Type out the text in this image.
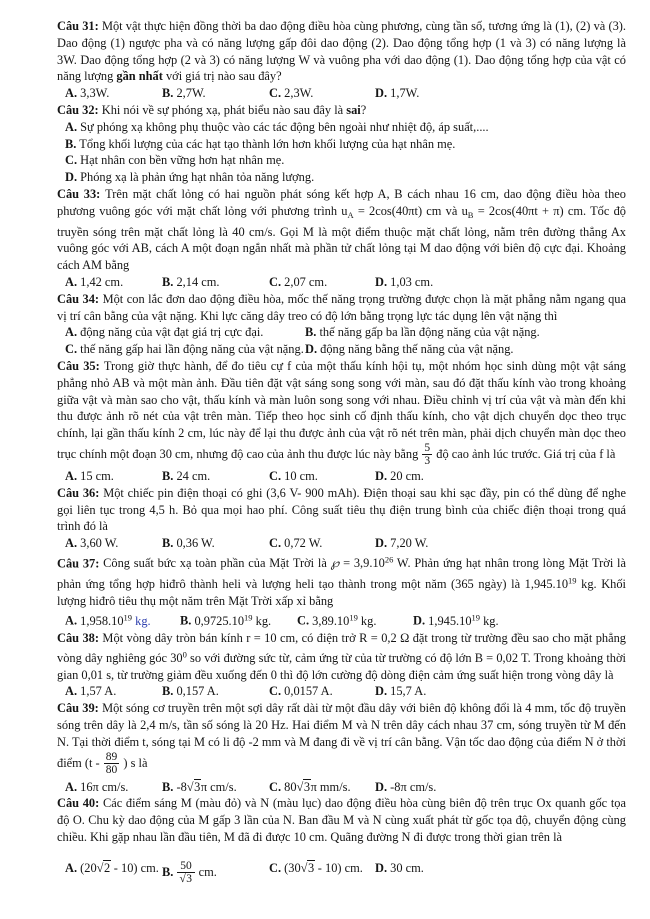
Câu 31: Một vật thực hiện đồng thời ba dao động điều hòa cùng phương, cùng tần số, tương ứng là (1), (2) và (3). Dao động (1) ngược pha và có năng lượng gấp đôi dao động (2). Dao động tổng hợp (1 và 3) có năng lượng là 3W. Dao động tổng hợp (2 và 3) có năng lượng W và vuông pha với dao động (1). Dao động tổng hợp của vật có năng lượng gần nhất với giá trị nào sau đây?

A. 3,3W.	B. 2,7W.	C. 2,3W.	D. 1,7W.

Câu 32: Khi nói về sự phóng xạ, phát biểu nào sau đây là sai?

A. Sự phóng xạ không phụ thuộc vào các tác động bên ngoài như nhiệt độ, áp suất,....
B. Tổng khối lượng của các hạt tạo thành lớn hơn khối lượng của hạt nhân mẹ.
C. Hạt nhân con bền vững hơn hạt nhân mẹ.
D. Phóng xạ là phản ứng hạt nhân tỏa năng lượng.

Câu 33: Trên mặt chất lỏng có hai nguồn phát sóng kết hợp A, B cách nhau 16 cm, dao động điều hòa theo phương vuông góc với mặt chất lỏng với phương trình $u_A = 2\cos(40\pi t)$ cm và $u_B = 2\cos(40\pi t + \pi)$ cm. Tốc độ truyền sóng trên mặt chất lỏng là 40 cm/s. Gọi M là một điểm thuộc mặt chất lỏng, nằm trên đường thẳng Ax vuông góc với AB, cách A một đoạn ngắn nhất mà phần tử chất lỏng tại M dao động với biên độ cực đại. Khoảng cách AM bằng

A. 1,42 cm.	B. 2,14 cm.	C. 2,07 cm.	D. 1,03 cm.

Câu 34: Một con lắc đơn dao động điều hòa, mốc thế năng trọng trường được chọn là mặt phẳng nằm ngang qua vị trí cân bằng của vật nặng. Khi lực căng dây treo có độ lớn bằng trọng lực tác dụng lên vật nặng thì

A. động năng của vật đạt giá trị cực đại.	B. thế năng gấp ba lần động năng của vật nặng.
C. thế năng gấp hai lần động năng của vật nặng. D. động năng bằng thế năng của vật nặng.

Câu 35: Trong giờ thực hành, để đo tiêu cự f của một thấu kính hội tụ, một nhóm học sinh dùng một vật sáng phẳng nhỏ AB và một màn ảnh. Đầu tiên đặt vật sáng song song với màn, sau đó đặt thấu kính vào trong khoảng giữa vật và màn sao cho vật, thấu kính và màn luôn song song với nhau. Điều chỉnh vị trí của vật và màn đến khi thu được ảnh rõ nét của vật trên màn. Tiếp theo học sinh cố định thấu kính, cho vật dịch chuyển dọc theo trục chính, lại gần thấu kính 2 cm, lúc này để lại thu được ảnh của vật rõ nét trên màn, phải dịch chuyển màn dọc theo trục chính một đoạn 30 cm, nhưng độ cao của ảnh thu được lúc này bằng $\frac{5}{3}$ độ cao ảnh lúc trước. Giá trị của f là

A. 15 cm.	B. 24 cm.	C. 10 cm.	D. 20 cm.

Câu 36: Một chiếc pin điện thoại có ghi (3,6 V- 900 mAh). Điện thoại sau khi sạc đầy, pin có thể dùng để nghe gọi liên tục trong 4,5 h. Bỏ qua mọi hao phí. Công suất tiêu thụ điện trung bình của chiếc điện thoại trong quá trình đó là

A. 3,60 W.	B. 0,36 W.	C. 0,72 W.	D. 7,20 W.

Câu 37: Công suất bức xạ toàn phần của Mặt Trời là ℘ = $3,9.10^{26}$ W. Phản ứng hạt nhân trong lòng Mặt Trời là phản ứng tổng hợp hiđrô thành heli và lượng heli tạo thành trong một năm (365 ngày) là 1,945.10$^{19}$ kg. Khối lượng hiđrô tiêu thụ một năm trên Mặt Trời xấp xỉ bằng

A. 1,958.10$^{19}$ kg.	B. 0,9725.10$^{19}$ kg.	C. 3,89.10$^{19}$ kg.	D. 1,945.10$^{19}$ kg.

Câu 38: Một vòng dây tròn bán kính r = 10 cm, có điện trở R = 0,2 Ω đặt trong từ trường đều sao cho mặt phẳng vòng dây nghiêng góc $30^0$ so với đường sức từ, cảm ứng từ của từ trường có độ lớn B = 0,02 T. Trong khoảng thời gian 0,01 s, từ trường giảm đều xuống đến 0 thì độ lớn cường độ dòng điện cảm ứng suất hiện trong vòng dây là

A. 1,57 A.	B. 0,157 A.	C. 0,0157 A.	D. 15,7 A.

Câu 39: Một sóng cơ truyền trên một sợi dây rất dài từ một đầu dây với biên độ không đổi là 4 mm, tốc độ truyền sóng trên dây là 2,4 m/s, tần số sóng là 20 Hz. Hai điểm M và N trên dây cách nhau 37 cm, sóng truyền từ M đến N. Tại thời điểm t, sóng tại M có li độ -2 mm và M đang đi về vị trí cân bằng. Vận tốc dao động của điểm N ở thời điểm ($t - \frac{89}{80}$ ) s là

A. 16π cm/s.	B. -8√3π cm/s.	C. 80√3π mm/s.	D. -8π cm/s.

Câu 40: Các điểm sáng M (màu đỏ) và N (màu lục) dao động điều hòa cùng biên độ trên trục Ox quanh gốc tọa độ O. Chu kỳ dao động của M gấp 3 lần của N. Ban đầu M và N cùng xuất phát từ gốc tọa độ, chuyển động cùng chiều. Khi gặp nhau lần đầu tiên, M đã đi được 10 cm. Quãng đường N đi được trong thời gian trên là

A. (20√2 - 10) cm. B. $\frac{50}{√3}$ cm.	C. (30√3 - 10) cm. D. 30 cm.
